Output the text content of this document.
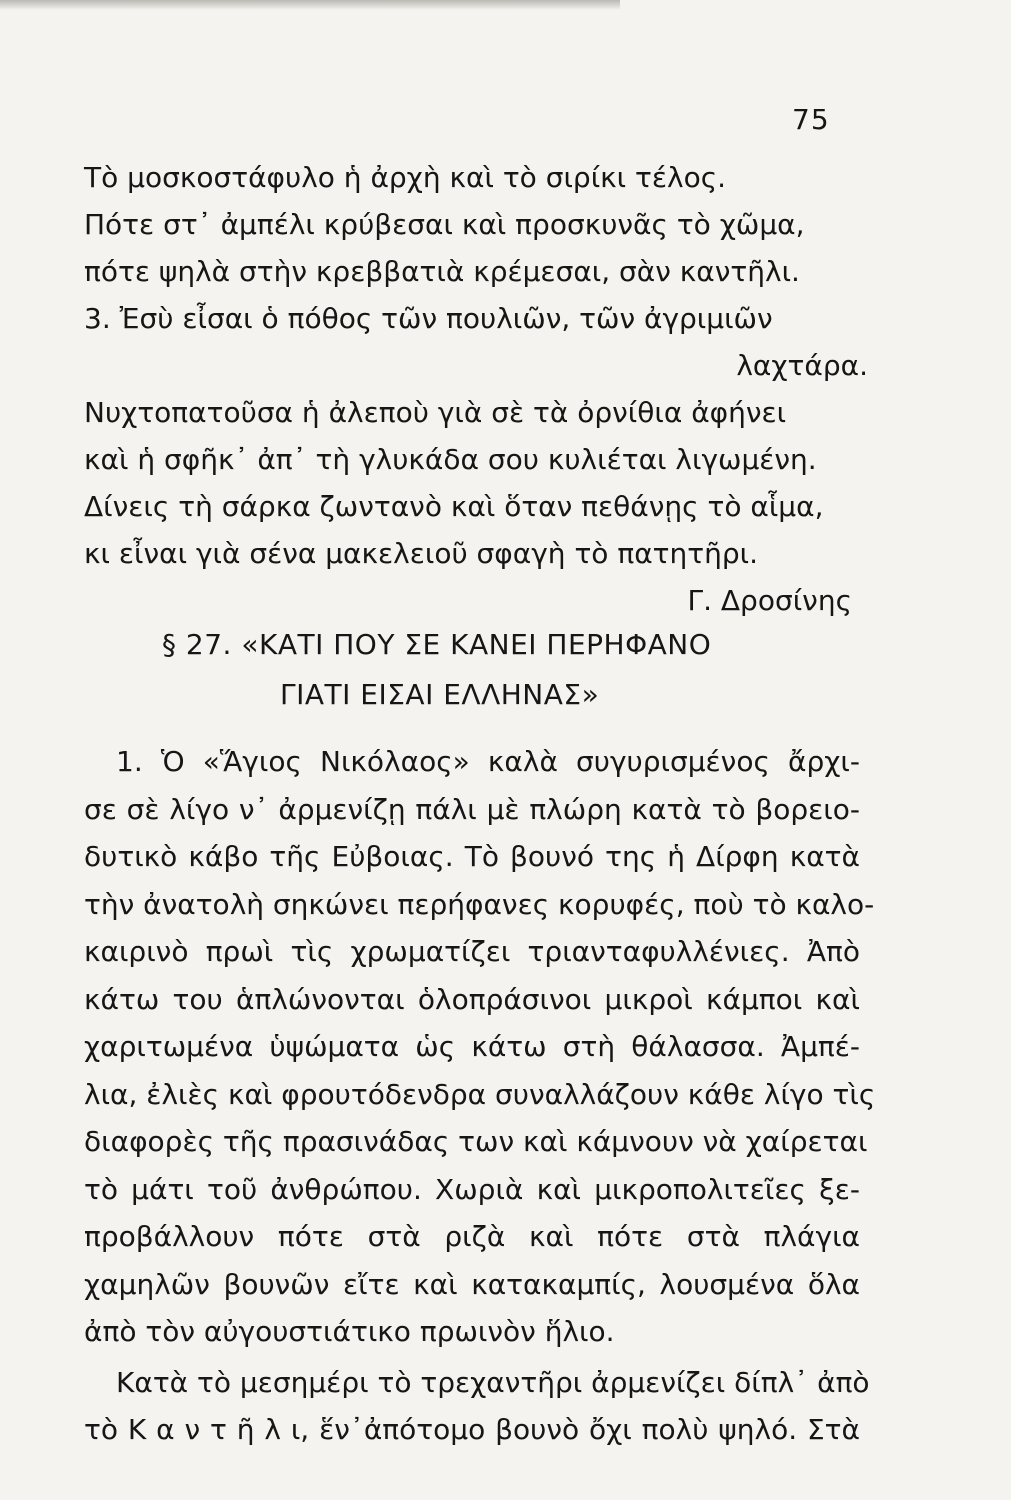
75
Τὸ μοσκοστάφυλο ἡ ἀρχὴ καὶ τὸ σιρίκι τέλος.
Πότε στ᾽ ἀμπέλι κρύβεσαι καὶ προσκυνᾶς τὸ χῶμα,
πότε ψηλὰ στὴν κρεββατιὰ κρέμεσαι, σὰν καντῆλι.
3. Ἐσὺ εἶσαι ὁ πόθος τῶν πουλιῶν, τῶν ἀγριμιῶν
λαχτάρα.
Νυχτοπατοῦσα ἡ ἀλεποὺ γιὰ σὲ τὰ ὀρνίθια ἀφήνει
καὶ ἡ σφῆκ᾽ ἀπ᾽ τὴ γλυκάδα σου κυλιέται λιγωμένη.
Δίνεις τὴ σάρκα ζωντανὸ καὶ ὅταν πεθάνῃς τὸ αἷμα,
κι εἶναι γιὰ σένα μακελειοῦ σφαγὴ τὸ πατητῆρι.
Γ. Δροσίνης
§ 27. «ΚΑΤΙ ΠΟΥ ΣΕ ΚΑΝΕΙ ΠΕΡΗΦΑΝΟ
ΓΙΑΤΙ ΕΙΣΑΙ ΕΛΛΗΝΑΣ»
1. Ὁ «Ἅγιος Νικόλαος» καλὰ συγυρισμένος ἄρχι-
σε σὲ λίγο ν᾽ ἀρμενίζῃ πάλι μὲ πλώρη κατὰ τὸ βορειο-
δυτικὸ κάβο τῆς Εὐβοιας. Τὸ βουνό της ἡ Δίρφη κατὰ
τὴν ἀνατολὴ σηκώνει περήφανες κορυφές, ποὺ τὸ καλο-
καιρινὸ πρωὶ τὶς χρωματίζει τριανταφυλλένιες. Ἀπὸ
κάτω του ἁπλώνονται ὁλοπράσινοι μικροὶ κάμποι καὶ
χαριτωμένα ὑψώματα ὡς κάτω στὴ θάλασσα. Ἀμπέ-
λια, ἐλιὲς καὶ φρουτόδενδρα συναλλάζουν κάθε λίγο τὶς
διαφορὲς τῆς πρασινάδας των καὶ κάμνουν νὰ χαίρεται
τὸ μάτι τοῦ ἀνθρώπου. Χωριὰ καὶ μικροπολιτεῖες ξε-
προβάλλουν πότε στὰ ριζὰ καὶ πότε στὰ πλάγια
χαμηλῶν βουνῶν εἴτε καὶ κατακαμπίς, λουσμένα ὅλα
ἀπὸ τὸν αὐγουστιάτικο πρωινὸν ἥλιο.
Κατὰ τὸ μεσημέρι τὸ τρεχαντῆρι ἀρμενίζει δίπλ᾽ ἀπὸ
τὸ Κ α ν τ ῆ λ ι, ἕν᾽ἀπότομο βουνὸ ὄχι πολὺ ψηλό. Στὰ
